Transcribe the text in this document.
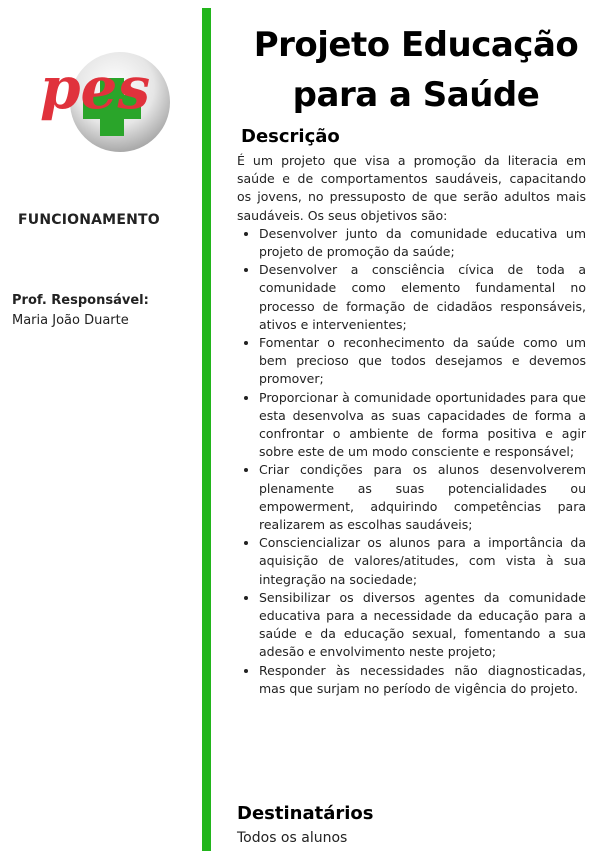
pes
FUNCIONAMENTO
Prof. Responsável:
Maria João Duarte
Projeto Educação
para a Saúde
Descrição

É um projeto que visa a promoção da literacia em saúde e de comportamentos saudáveis, capacitando os jovens, no pressuposto de que serão adultos mais saudáveis. Os seus objetivos são:

• Desenvolver junto da comunidade educativa um projeto de promoção da saúde;
• Desenvolver a consciência cívica de toda a comunidade como elemento fundamental no processo de formação de cidadãos responsáveis, ativos e intervenientes;
• Fomentar o reconhecimento da saúde como um bem precioso que todos desejamos e devemos promover;
• Proporcionar à comunidade oportunidades para que esta desenvolva as suas capacidades de forma a confrontar o ambiente de forma positiva e agir sobre este de um modo consciente e responsável;
• Criar condições para os alunos desenvolverem plenamente as suas potencialidades ou empowerment, adquirindo competências para realizarem as escolhas saudáveis;
• Consciencializar os alunos para a importância da aquisição de valores/atitudes, com vista à sua integração na sociedade;
• Sensibilizar os diversos agentes da comunidade educativa para a necessidade da educação para a saúde e da educação sexual, fomentando a sua adesão e envolvimento neste projeto;
• Responder às necessidades não diagnosticadas, mas que surjam no período de vigência do projeto.
Destinatários
Todos os alunos
